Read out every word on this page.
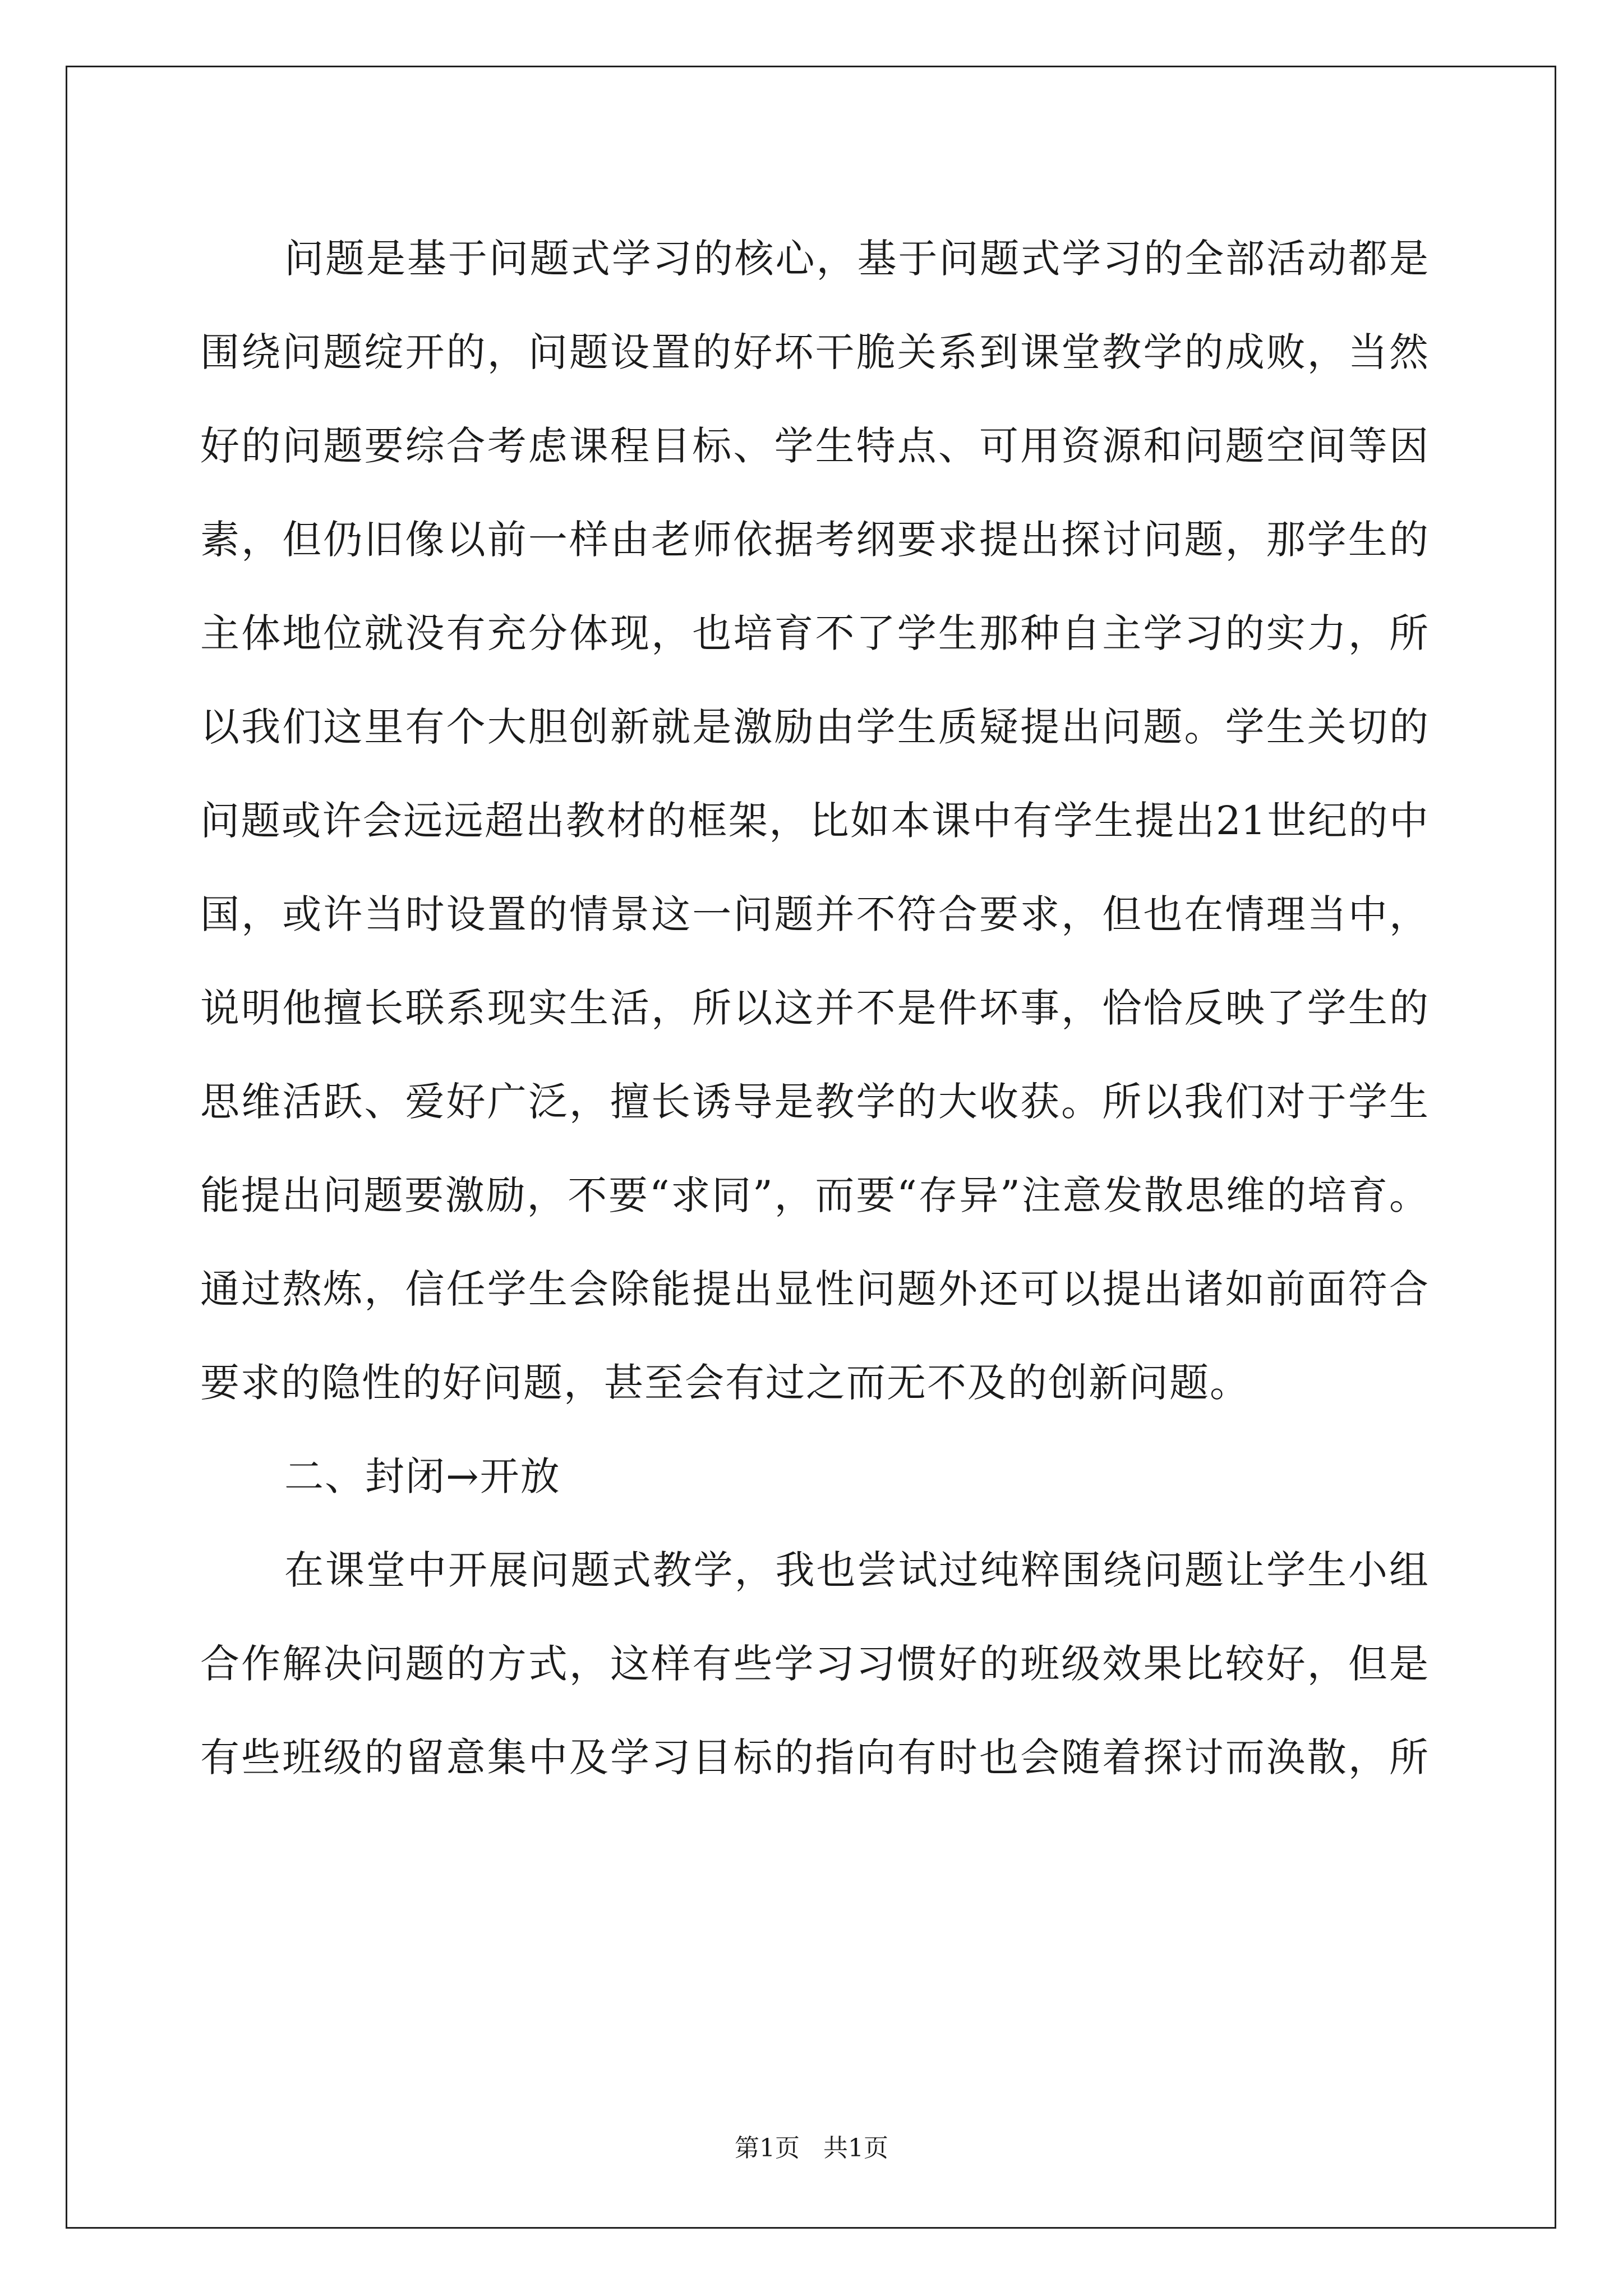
问题是基于问题式学习的核心，基于问题式学习的全部活动都是
围绕问题绽开的，问题设置的好坏干脆关系到课堂教学的成败，当然
好的问题要综合考虑课程目标、学生特点、可用资源和问题空间等因
素，但仍旧像以前一样由老师依据考纲要求提出探讨问题，那学生的
主体地位就没有充分体现，也培育不了学生那种自主学习的实力，所
以我们这里有个大胆创新就是激励由学生质疑提出问题。学生关切的
问题或许会远远超出教材的框架，比如本课中有学生提出21世纪的中
国，或许当时设置的情景这一问题并不符合要求，但也在情理当中，
说明他擅长联系现实生活，所以这并不是件坏事，恰恰反映了学生的
思维活跃、爱好广泛，擅长诱导是教学的大收获。所以我们对于学生
能提出问题要激励，不要“求同”，而要“存异”注意发散思维的培育。
通过熬炼，信任学生会除能提出显性问题外还可以提出诸如前面符合
要求的隐性的好问题，甚至会有过之而无不及的创新问题。
二、封闭→开放
在课堂中开展问题式教学，我也尝试过纯粹围绕问题让学生小组
合作解决问题的方式，这样有些学习习惯好的班级效果比较好，但是
有些班级的留意集中及学习目标的指向有时也会随着探讨而涣散，所
第1页 共1页
